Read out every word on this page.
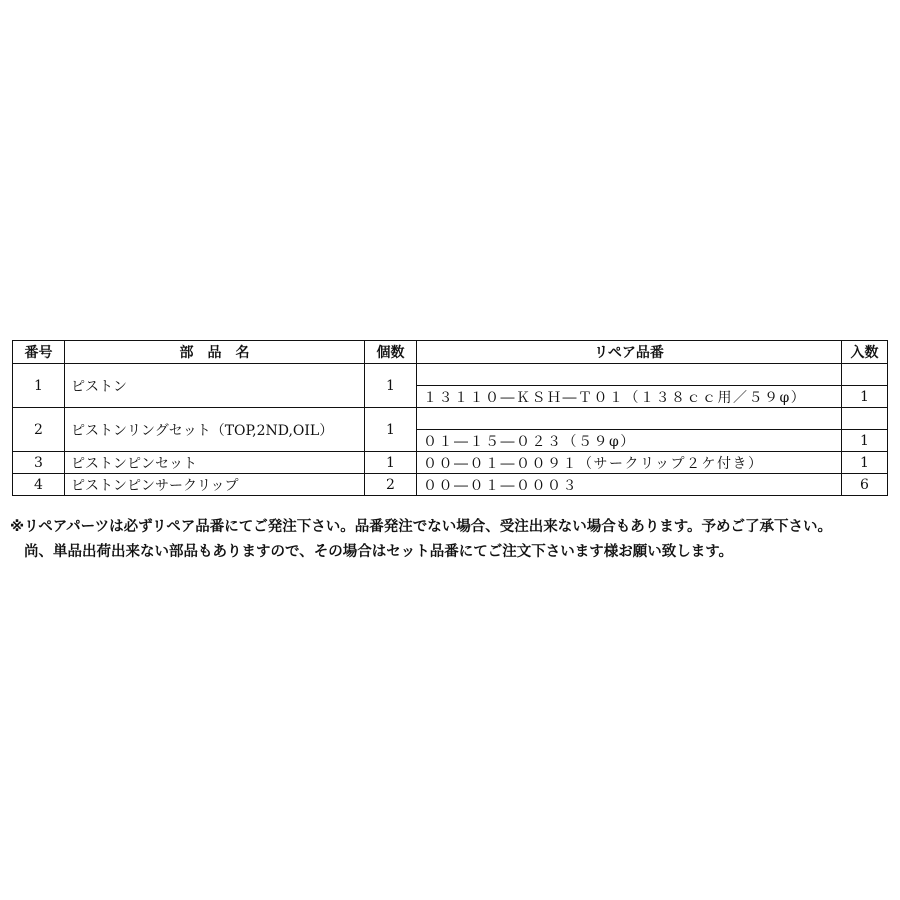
番号	部　品　名	個数	リペア品番	入数
1	ピストン	1		
			１３１１０―ＫＳＨ―Ｔ０１（１３８ｃｃ用／５９φ）	1
2	ピストンリングセット（TOP,2ND,OIL）	1		
			０１―１５―０２３（５９φ）	1
3	ピストンピンセット	1	００―０１―００９１（サークリップ２ケ付き）	1
4	ピストンピンサークリップ	2	００―０１―０００３	6
※リペアパーツは必ずリペア品番にてご発注下さい。品番発注でない場合、受注出来ない場合もあります。予めご了承下さい。
尚、単品出荷出来ない部品もありますので、その場合はセット品番にてご注文下さいます様お願い致します。
